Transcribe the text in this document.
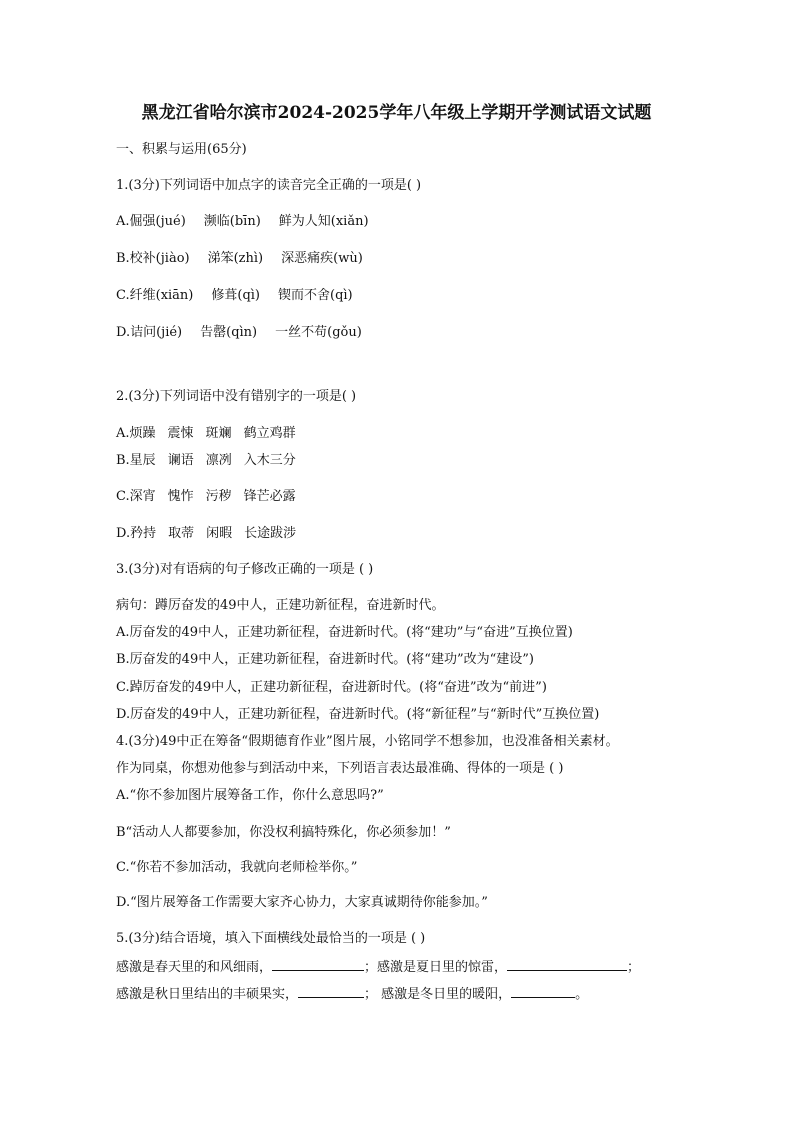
黑龙江省哈尔滨市2024-2025学年八年级上学期开学测试语文试题
一、积累与运用(65分)
1.(3分)下列词语中加点字的读音完全正确的一项是( )
A.倔强(jué) 濒临(bīn) 鲜为人知(xiǎn)
B.校补(jiào) 涕笨(zhì) 深恶痛疾(wù)
C.纤维(xiān) 修葺(qì) 锲而不舍(qì)
D.诘问(jié) 告罄(qìn) 一丝不苟(gǒu)
2.(3分)下列词语中没有错别字的一项是( )
A.烦躁 震悚 斑斓 鹤立鸡群
B.星辰 谰语 凛冽 入木三分
C.深宵 愧怍 污秽 锋芒必露
D.矜持 取蒂 闲暇 长途跋涉
3.(3分)对有语病的句子修改正确的一项是 ( )
病句：蹲厉奋发的49中人，正建功新征程，奋进新时代。
A.厉奋发的49中人，正建功新征程，奋进新时代。(将“建功”与“奋进”互换位置)
B.厉奋发的49中人，正建功新征程，奋进新时代。(将“建功”改为“建设”)
C.踔厉奋发的49中人，正建功新征程，奋进新时代。(将“奋进”改为“前进”)
D.厉奋发的49中人，正建功新征程，奋进新时代。(将“新征程”与“新时代”互换位置)
4.(3分)49中正在筹备“假期德育作业”图片展，小铭同学不想参加，也没准备相关素材。
作为同桌，你想劝他参与到活动中来，下列语言表达最准确、得体的一项是 ( )
A.“你不参加图片展筹备工作，你什么意思吗?”
B“活动人人都要参加，你没权利搞特殊化，你必须参加！”
C.“你若不参加活动，我就向老师检举你。”
D.“图片展筹备工作需要大家齐心协力，大家真诚期待你能参加。”
5.(3分)结合语境，填入下面横线处最恰当的一项是 ( )
感激是春天里的和风细雨，	；感激是夏日里的惊雷，	；
感激是秋日里结出的丰硕果实，	； 感激是冬日里的暖阳，	。
